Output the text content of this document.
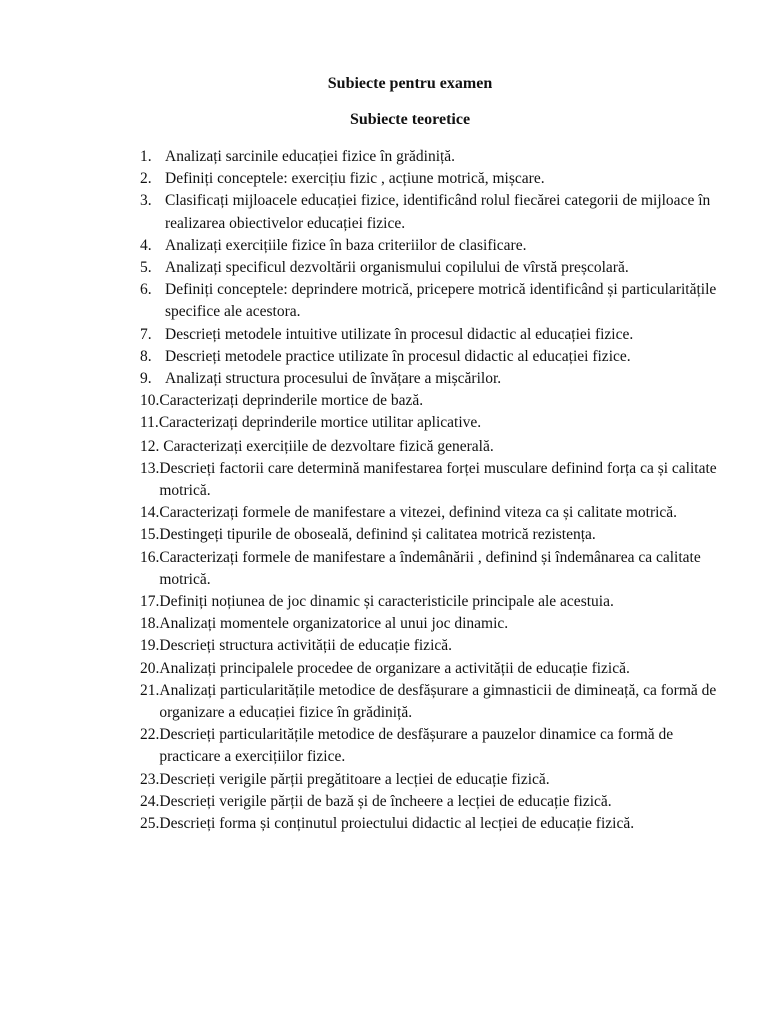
Subiecte pentru examen
Subiecte teoretice
1. Analizați sarcinile educației fizice în grădiniță.
2. Definiți conceptele: exercițiu fizic , acțiune motrică, mișcare.
3. Clasificați mijloacele educației fizice, identificând rolul fiecărei categorii de mijloace în realizarea obiectivelor educației fizice.
4. Analizați exercițiile fizice în baza criteriilor de clasificare.
5. Analizați specificul dezvoltării organismului copilului de vîrstă preșcolară.
6. Definiți conceptele: deprindere motrică, pricepere motrică identificând și particularitățile specifice ale acestora.
7. Descrieți metodele intuitive utilizate în procesul didactic al educației fizice.
8. Descrieți metodele practice utilizate în procesul didactic al educației fizice.
9. Analizați structura procesului de învățare a mișcărilor.
10. Caracterizați deprinderile mortice de bază.
11. Caracterizați deprinderile mortice utilitar aplicative.
12. Caracterizați exercițiile de dezvoltare fizică generală.
13. Descrieți factorii care determină manifestarea forței musculare definind forța ca și calitate motrică.
14. Caracterizați formele de manifestare a vitezei, definind viteza ca și calitate motrică.
15. Destingeți tipurile de oboseală, definind și calitatea motrică rezistența.
16. Caracterizați formele de manifestare a îndemânării , definind și îndemânarea ca calitate motrică.
17. Definiți noțiunea de joc dinamic și caracteristicile principale ale acestuia.
18. Analizați momentele organizatorice al unui joc dinamic.
19. Descrieți structura activității de educație fizică.
20. Analizați principalele procedee de organizare a activității de educație fizică.
21. Analizați particularitățile metodice de desfășurare a gimnasticii de dimineață, ca formă de organizare a educației fizice în grădiniță.
22. Descrieți particularitățile metodice de desfășurare a pauzelor dinamice ca formă de practicare a exercițiilor fizice.
23. Descrieți verigile părții pregătitoare a lecției de educație fizică.
24. Descrieți verigile părții de bază și de încheere a lecției de educație fizică.
25. Descrieți forma și conținutul proiectului didactic al lecției de educație fizică.
